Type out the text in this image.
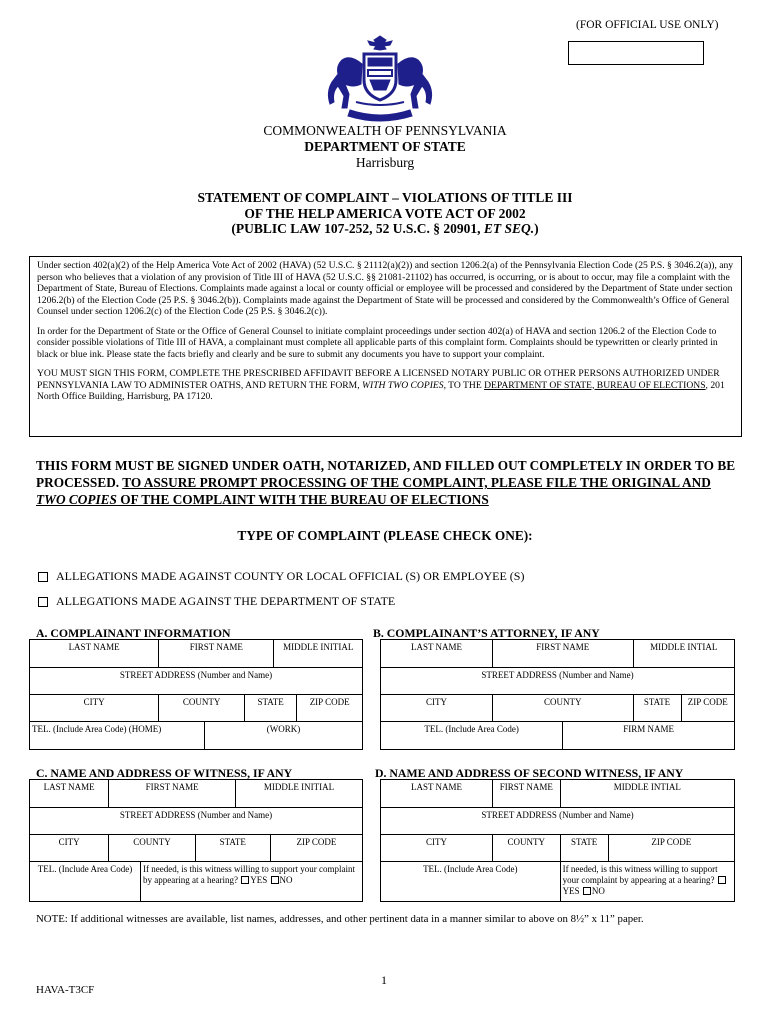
(FOR OFFICIAL USE ONLY)
COMMONWEALTH OF PENNSYLVANIA
DEPARTMENT OF STATE
Harrisburg
STATEMENT OF COMPLAINT – VIOLATIONS OF TITLE III
OF THE HELP AMERICA VOTE ACT OF 2002
(PUBLIC LAW 107-252, 52 U.S.C. § 20901, ET SEQ.)

Under section 402(a)(2) of the Help America Vote Act of 2002 (HAVA) (52 U.S.C. § 21112(a)(2)) and section 1206.2(a) of the Pennsylvania Election Code (25 P.S. § 3046.2(a)), any person who believes that a violation of any provision of Title III of HAVA (52 U.S.C. §§ 21081-21102) has occurred, is occurring, or is about to occur, may file a complaint with the Department of State, Bureau of Elections. Complaints made against a local or county official or employee will be processed and considered by the Department of State under section 1206.2(b) of the Election Code (25 P.S. § 3046.2(b)). Complaints made against the Department of State will be processed and considered by the Commonwealth’s Office of General Counsel under section 1206.2(c) of the Election Code (25 P.S. § 3046.2(c)).

In order for the Department of State or the Office of General Counsel to initiate complaint proceedings under section 402(a) of HAVA and section 1206.2 of the Election Code to consider possible violations of Title III of HAVA, a complainant must complete all applicable parts of this complaint form. Complaints should be typewritten or clearly printed in black or blue ink. Please state the facts briefly and clearly and be sure to submit any documents you have to support your complaint.

YOU MUST SIGN THIS FORM, COMPLETE THE PRESCRIBED AFFIDAVIT BEFORE A LICENSED NOTARY PUBLIC OR OTHER PERSONS AUTHORIZED UNDER PENNSYLVANIA LAW TO ADMINISTER OATHS, AND RETURN THE FORM, WITH TWO COPIES, TO THE DEPARTMENT OF STATE, BUREAU OF ELECTIONS, 201 North Office Building, Harrisburg, PA 17120.

THIS FORM MUST BE SIGNED UNDER OATH, NOTARIZED, AND FILLED OUT COMPLETELY IN ORDER TO BE PROCESSED. TO ASSURE PROMPT PROCESSING OF THE COMPLAINT, PLEASE FILE THE ORIGINAL AND TWO COPIES OF THE COMPLAINT WITH THE BUREAU OF ELECTIONS
TYPE OF COMPLAINT (PLEASE CHECK ONE):
ALLEGATIONS MADE AGAINST COUNTY OR LOCAL OFFICIAL (S) OR EMPLOYEE (S)
ALLEGATIONS MADE AGAINST THE DEPARTMENT OF STATE
A. COMPLAINANT INFORMATION
LAST NAME	FIRST NAME			MIDDLE INITIAL	
STREET ADDRESS (Number and Name)					
CITY	COUNTY		STATE		ZIP CODE
TEL. (Include Area Code) (HOME)		(WORK)			
B. COMPLAINANT’S ATTORNEY, IF ANY
LAST NAME	FIRST NAME		MIDDLE INTIAL	
STREET ADDRESS (Number and Name)				
CITY	COUNTY		STATE	ZIP CODE
TEL. (Include Area Code)		FIRM NAME		
C. NAME AND ADDRESS OF WITNESS, IF ANY
LAST NAME	FIRST NAME			MIDDLE INITIAL	
STREET ADDRESS (Number and Name)					
CITY	COUNTY		STATE		ZIP CODE
TEL. (Include Area Code)		If needed, is this witness willing to support your complaint by appearing at a hearing? YES NO			
D. NAME AND ADDRESS OF SECOND WITNESS, IF ANY
LAST NAME	FIRST NAME	MIDDLE INTIAL	
STREET ADDRESS (Number and Name)			
CITY	COUNTY	STATE	ZIP CODE
TEL. (Include Area Code)		If needed, is this witness willing to support your complaint by appearing at a hearing? YES NO	
NOTE: If additional witnesses are available, list names, addresses, and other pertinent data in a manner similar to above on 8½” x 11” paper.
1
HAVA-T3CF
